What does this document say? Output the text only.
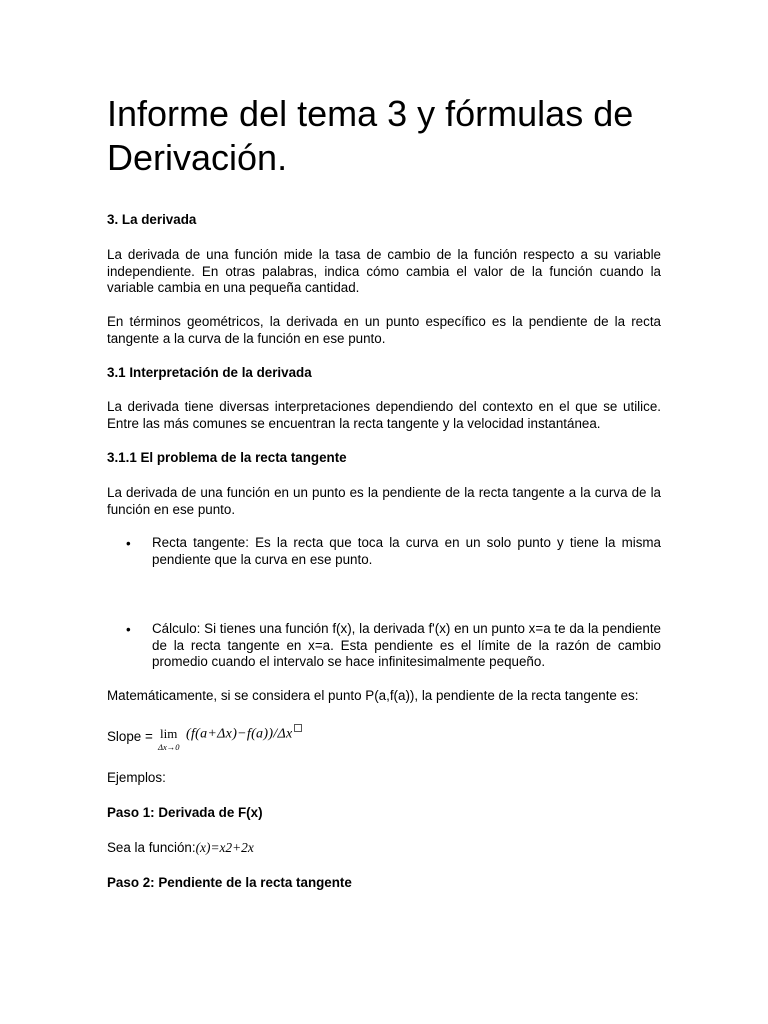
Informe del tema 3 y fórmulas de Derivación.

3. La derivada

La derivada de una función mide la tasa de cambio de la función respecto a su variable independiente. En otras palabras, indica cómo cambia el valor de la función cuando la variable cambia en una pequeña cantidad.

En términos geométricos, la derivada en un punto específico es la pendiente de la recta tangente a la curva de la función en ese punto.

3.1 Interpretación de la derivada

La derivada tiene diversas interpretaciones dependiendo del contexto en el que se utilice. Entre las más comunes se encuentran la recta tangente y la velocidad instantánea.

3.1.1 El problema de la recta tangente

La derivada de una función en un punto es la pendiente de la recta tangente a la curva de la función en ese punto.

• Recta tangente: Es la recta que toca la curva en un solo punto y tiene la misma pendiente que la curva en ese punto.

• Cálculo: Si tienes una función f(x), la derivada f'(x) en un punto x=a te da la pendiente de la recta tangente en x=a. Esta pendiente es el límite de la razón de cambio promedio cuando el intervalo se hace infinitesimalmente pequeño.

Matemáticamente, si se considera el punto P(a,f(a)), la pendiente de la recta tangente es:

Slope = lim
Δx→0
(f(a+Δx)−f(a))/Δx

Ejemplos:

Paso 1: Derivada de F(x)

Sea la función:(x)=x2+2x

Paso 2: Pendiente de la recta tangente
